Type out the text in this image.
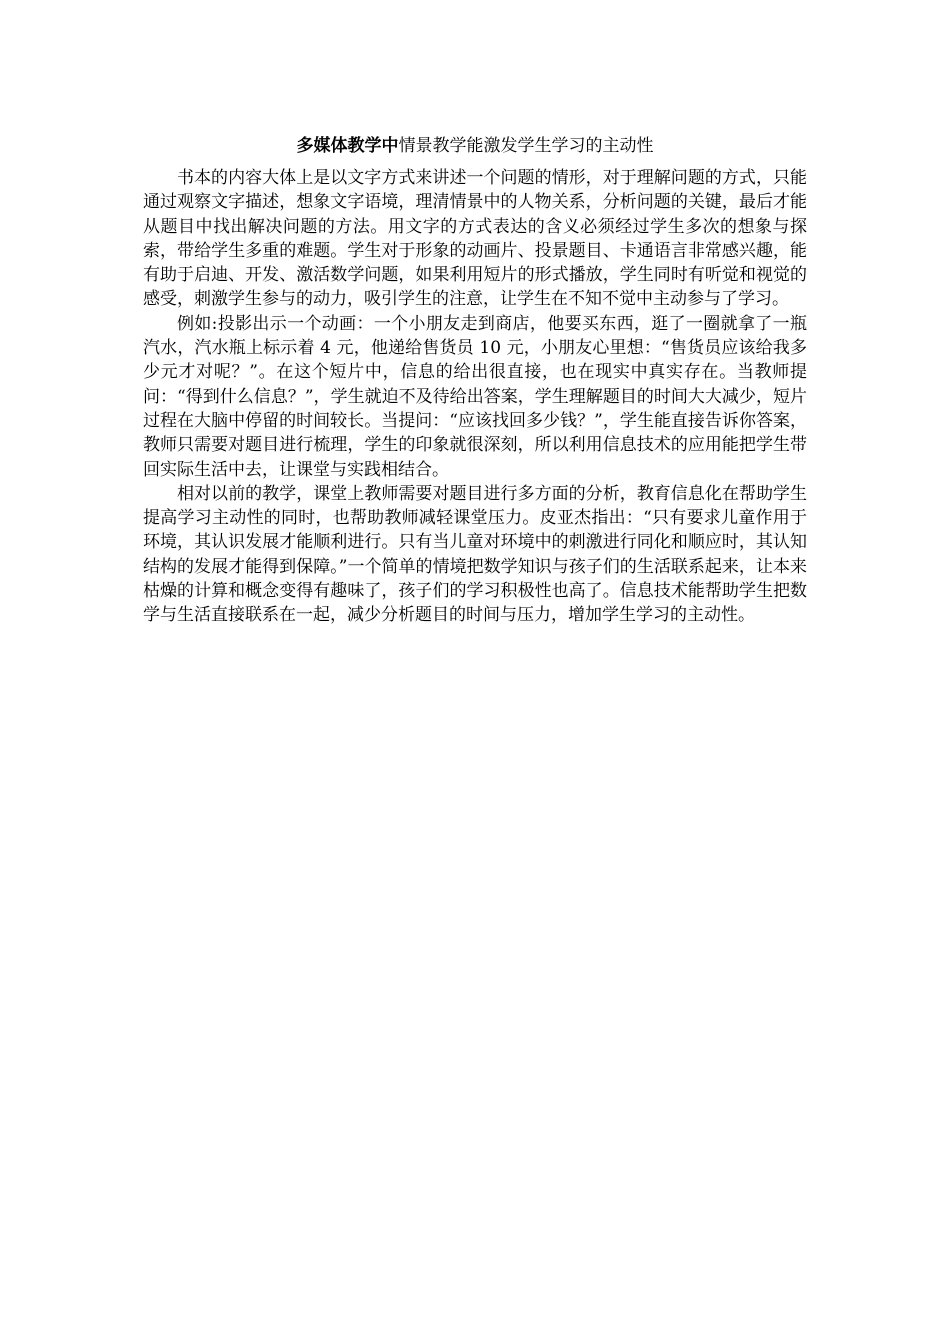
多媒体教学中情景教学能激发学生学习的主动性

书本的内容大体上是以文字方式来讲述一个问题的情形，对于理解问题的方式，只能通过观察文字描述，想象文字语境，理清情景中的人物关系，分析问题的关键，最后才能从题目中找出解决问题的方法。用文字的方式表达的含义必须经过学生多次的想象与探索，带给学生多重的难题。学生对于形象的动画片、投景题目、卡通语言非常感兴趣，能有助于启迪、开发、激活数学问题，如果利用短片的形式播放，学生同时有听觉和视觉的感受，刺激学生参与的动力，吸引学生的注意，让学生在不知不觉中主动参与了学习。

例如:投影出示一个动画：一个小朋友走到商店，他要买东西，逛了一圈就拿了一瓶汽水，汽水瓶上标示着 4 元，他递给售货员 10 元，小朋友心里想：“售货员应该给我多少元才对呢？”。在这个短片中，信息的给出很直接，也在现实中真实存在。当教师提问：“得到什么信息？”，学生就迫不及待给出答案，学生理解题目的时间大大减少，短片过程在大脑中停留的时间较长。当提问：“应该找回多少钱？”，学生能直接告诉你答案，教师只需要对题目进行梳理，学生的印象就很深刻，所以利用信息技术的应用能把学生带回实际生活中去，让课堂与实践相结合。

相对以前的教学，课堂上教师需要对题目进行多方面的分析，教育信息化在帮助学生提高学习主动性的同时，也帮助教师减轻课堂压力。皮亚杰指出：“只有要求儿童作用于环境，其认识发展才能顺利进行。只有当儿童对环境中的刺激进行同化和顺应时，其认知结构的发展才能得到保障。”一个简单的情境把数学知识与孩子们的生活联系起来，让本来枯燥的计算和概念变得有趣味了，孩子们的学习积极性也高了。信息技术能帮助学生把数学与生活直接联系在一起，减少分析题目的时间与压力，增加学生学习的主动性。
